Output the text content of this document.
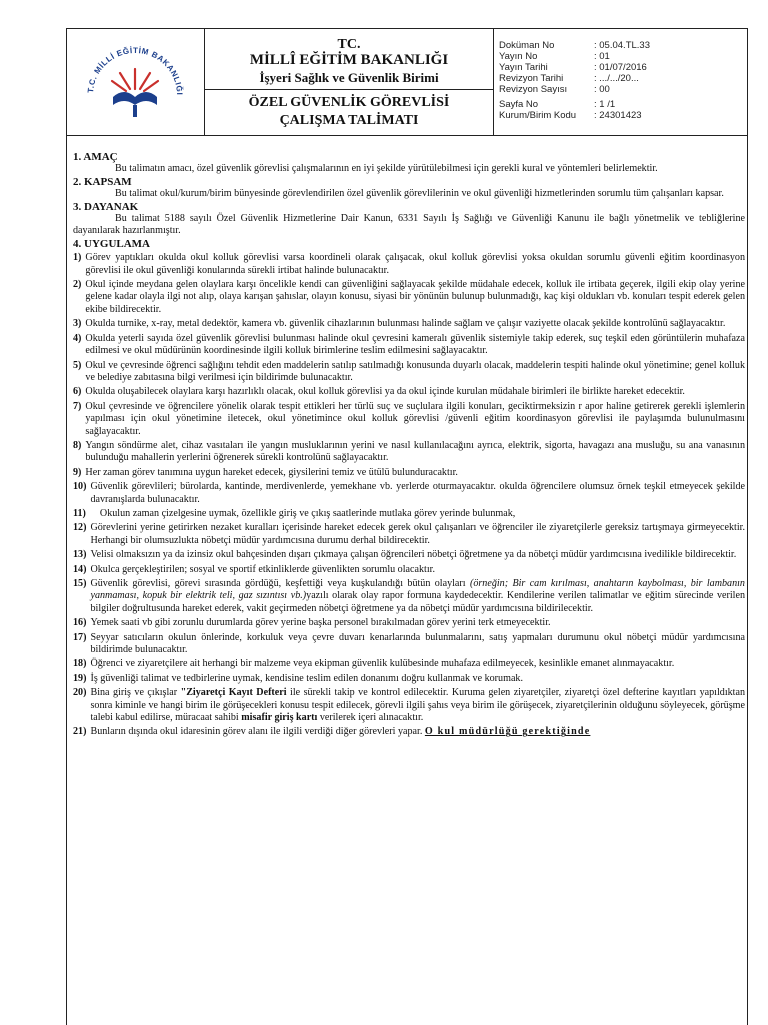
T.C. MİLLİ EĞİTİM BAKANLIĞI
TC.
MİLLÎ EĞİTİM BAKANLIĞI
İşyeri Sağlık ve Güvenlik Birimi
ÖZEL GÜVENLİK GÖREVLİSİ
ÇALIŞMA TALİMATI
Doküman No	: 05.04.TL.33
Yayın No	: 01
Yayın Tarihi	: 01/07/2016
Revizyon Tarihi	: .../.../20...
Revizyon Sayısı	: 00
Sayfa No	: 1 /1
Kurum/Birim Kodu	: 24301423
1. AMAÇ

Bu talimatın amacı, özel güvenlik görevlisi çalışmalarının en iyi şekilde yürütülebilmesi için gerekli kural ve yöntemleri belirlemektir.

2. KAPSAM

Bu talimat okul/kurum/birim bünyesinde görevlendirilen özel güvenlik görevlilerinin ve okul güvenliği hizmetlerinden sorumlu tüm çalışanları kapsar.

3. DAYANAK

Bu talimat 5188 sayılı Özel Güvenlik Hizmetlerine Dair Kanun, 6331 Sayılı İş Sağlığı ve Güvenliği Kanunu ile bağlı yönetmelik ve tebliğlerine dayanılarak hazırlanmıştır.

4. UYGULAMA
1) Görev yaptıkları okulda okul kolluk görevlisi varsa koordineli olarak çalışacak, okul kolluk görevlisi yoksa okuldan sorumlu güvenli eğitim koordinasyon görevlisi ile okul güvenliği konularında sürekli irtibat halinde bulunacaktır.
2) Okul içinde meydana gelen olaylara karşı öncelikle kendi can güvenliğini sağlayacak şekilde müdahale edecek, kolluk ile irtibata geçerek, ilgili ekip olay yerine gelene kadar olayla ilgi not alıp, olaya karışan şahıslar, olayın konusu, siyasi bir yönünün bulunup bulunmadığı, kaç kişi oldukları vb. konuları tespit ederek gelen ekibe bildirecektir.
3) Okulda turnike, x-ray, metal dedektör, kamera vb. güvenlik cihazlarının bulunması halinde sağlam ve çalışır vaziyette olacak şekilde kontrolünü sağlayacaktır.
4) Okulda yeterli sayıda özel güvenlik görevlisi bulunması halinde okul çevresini kameralı güvenlik sistemiyle takip ederek, suç teşkil eden görüntülerin muhafaza edilmesi ve okul müdürünün koordinesinde ilgili kolluk birimlerine teslim edilmesini sağlayacaktır.
5) Okul ve çevresinde öğrenci sağlığını tehdit eden maddelerin satılıp satılmadığı konusunda duyarlı olacak, maddelerin tespiti halinde okul yönetimine; genel kolluk ve belediye zabıtasına bilgi verilmesi için bildirimde bulunacaktır.
6) Okulda oluşabilecek olaylara karşı hazırlıklı olacak, okul kolluk görevlisi ya da okul içinde kurulan müdahale birimleri ile birlikte hareket edecektir.
7) Okul çevresinde ve öğrencilere yönelik olarak tespit ettikleri her türlü suç ve suçlulara ilgili konuları, geciktirmeksizin r apor haline getirerek gerekli işlemlerin yapılması için okul yönetimine iletecek, okul yönetimince okul kolluk görevlisi /güvenli eğitim koordinasyon görevlisi ile paylaşımda bulunulmasını sağlayacaktır.
8) Yangın söndürme alet, cihaz vasıtaları ile yangın musluklarının yerini ve nasıl kullanılacağını ayrıca, elektrik, sigorta, havagazı ana musluğu, su ana vanasının bulunduğu mahallerin yerlerini öğrenerek sürekli kontrolünü sağlayacaktır.
9) Her zaman görev tanımına uygun hareket edecek, giysilerini temiz ve ütülü bulunduracaktır.
10) Güvenlik görevlileri; bürolarda, kantinde, merdivenlerde, yemekhane vb. yerlerde oturmayacaktır. okulda öğrencilere olumsuz örnek teşkil etmeyecek şekilde davranışlarda bulunacaktır.
11)	Okulun zaman çizelgesine uymak, özellikle giriş ve çıkış saatlerinde mutlaka görev yerinde bulunmak,
12) Görevlerini yerine getirirken nezaket kuralları içerisinde hareket edecek gerek okul çalışanları ve öğrenciler ile ziyaretçilerle gereksiz tartışmaya girmeyecektir. Herhangi bir olumsuzlukta nöbetçi müdür yardımcısına durumu derhal bildirecektir.
13) Velisi olmaksızın ya da izinsiz okul bahçesinden dışarı çıkmaya çalışan öğrencileri nöbetçi öğretmene ya da nöbetçi müdür yardımcısına ivedilikle bildirecektir.
14) Okulca gerçekleştirilen; sosyal ve sportif etkinliklerde güvenlikten sorumlu olacaktır.
15) Güvenlik görevlisi, görevi sırasında gördüğü, keşfettiği veya kuşkulandığı bütün olayları (örneğin; Bir cam kırılması, anahtarın kaybolması, bir lambanın yanmaması, kopuk bir elektrik teli, gaz sızıntısı vb.)yazılı olarak olay rapor formuna kaydedecektir. Kendilerine verilen talimatlar ve eğitim sürecinde verilen bilgiler doğrultusunda hareket ederek, vakit geçirmeden nöbetçi öğretmene ya da nöbetçi müdür yardımcısına bildirilecektir.
16) Yemek saati vb gibi zorunlu durumlarda görev yerine başka personel bırakılmadan görev yerini terk etmeyecektir.
17) Seyyar satıcıların okulun önlerinde, korkuluk veya çevre duvarı kenarlarında bulunmalarını, satış yapmaları durumunu okul nöbetçi müdür yardımcısına bildirimde bulunacaktır.
18) Öğrenci ve ziyaretçilere ait herhangi bir malzeme veya ekipman güvenlik kulübesinde muhafaza edilmeyecek, kesinlikle emanet alınmayacaktır.
19) İş güvenliği talimat ve tedbirlerine uymak, kendisine teslim edilen donanımı doğru kullanmak ve korumak.
20) Bina giriş ve çıkışlar "Ziyaretçi Kayıt Defteri ile sürekli takip ve kontrol edilecektir. Kuruma gelen ziyaretçiler, ziyaretçi özel defterine kayıtları yapıldıktan sonra kiminle ve hangi birim ile görüşecekleri konusu tespit edilecek, görevli ilgili şahıs veya birim ile görüşecek, ziyaretçilerinin olduğunu söyleyecek, görüşme talebi kabul edilirse, müracaat sahibi misafir giriş kartı verilerek içeri alınacaktır.
21) Bunların dışında okul idaresinin görev alanı ile ilgili verdiği diğer görevleri yapar. O kul müdürlüğü gerektiğinde
